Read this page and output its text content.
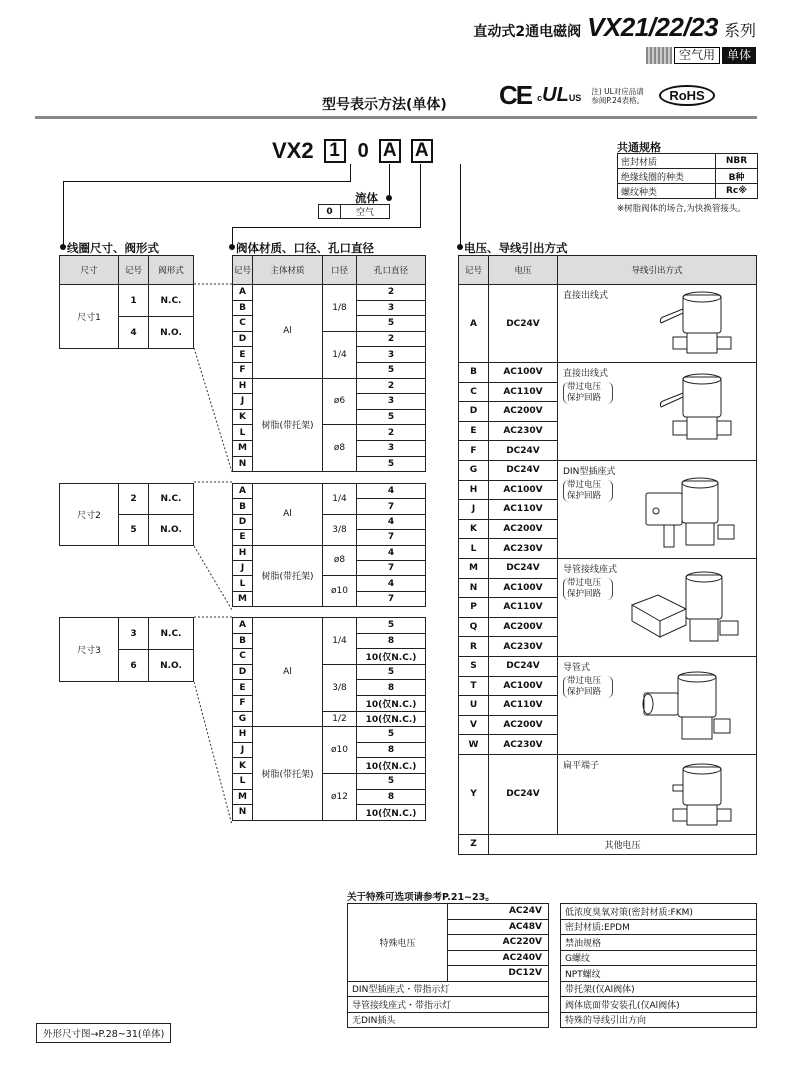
直动式2通电磁阀 VX21/22/23 系列
空气用	单体
CE cULUS
注) UL对应品请参阅P.24表格。	RoHS
型号表示方法(单体)
VX2 1 0 A A
流体
0	空气
共通规格
密封材质	NBR
绝缘线圈的种类	B种
螺纹种类	Rc※
※树脂阀体的场合,为快换管接头。
线圈尺寸、阀形式	阀体材质、口径、孔口直径	电压、导线引出方式
尺寸	记号	阀形式
尺寸1	1	N.C.
	4	N.O.
尺寸2	2	N.C.
	5	N.O.
尺寸3	3	N.C.
	6	N.O.
记号	主体材质	口径	孔口直径
A	Al	1/8	2
B			3
C			5
D		1/4	2
E			3
F			5
H	树脂(带托架)	ø6	2
J			3
K			5
L		ø8	2
M			3
N			5
A	Al	1/4	4
B			7
D		3/8	4
E			7
H	树脂(带托架)	ø8	4
J			7
L		ø10	4
M			7
A	Al	1/4	5
B			8
C			10(仅N.C.)
D		3/8	5
E			8
F			10(仅N.C.)
G		1/2	10(仅N.C.)
H	树脂(带托架)	ø10	5
J			8
K			10(仅N.C.)
L		ø12	5
M			8
N			10(仅N.C.)
记号	电压	导线引出方式
A	DC24V	直接出线式

B	AC100V	直接出线式
带过电压保护回路

C	AC110V	
D	AC200V	
E	AC230V	
F	DC24V	
G	DC24V	DIN型插座式
带过电压保护回路

H	AC100V	
J	AC110V	
K	AC200V	
L	AC230V	
M	DC24V	导管接线座式
带过电压保护回路

N	AC100V	
P	AC110V	
Q	AC200V	
R	AC230V	
S	DC24V	导管式
带过电压保护回路

T	AC100V	
U	AC110V	
V	AC200V	
W	AC230V	
Y	DC24V	扁平端子

Z	其他电压	
关于特殊可选项请参考P.21~23。
特殊电压	AC24V
AC48V
AC220V
AC240V
DC12V
DIN型插座式・带指示灯
导管接线座式・带指示灯
无DIN插头
低浓度臭氧对策(密封材质:FKM)
密封材质:EPDM
禁油规格
G螺纹
NPT螺纹
带托架(仅Al阀体)
阀体底面带安装孔(仅Al阀体)
特殊的导线引出方向
外形尺寸图→P.28~31(单体)
